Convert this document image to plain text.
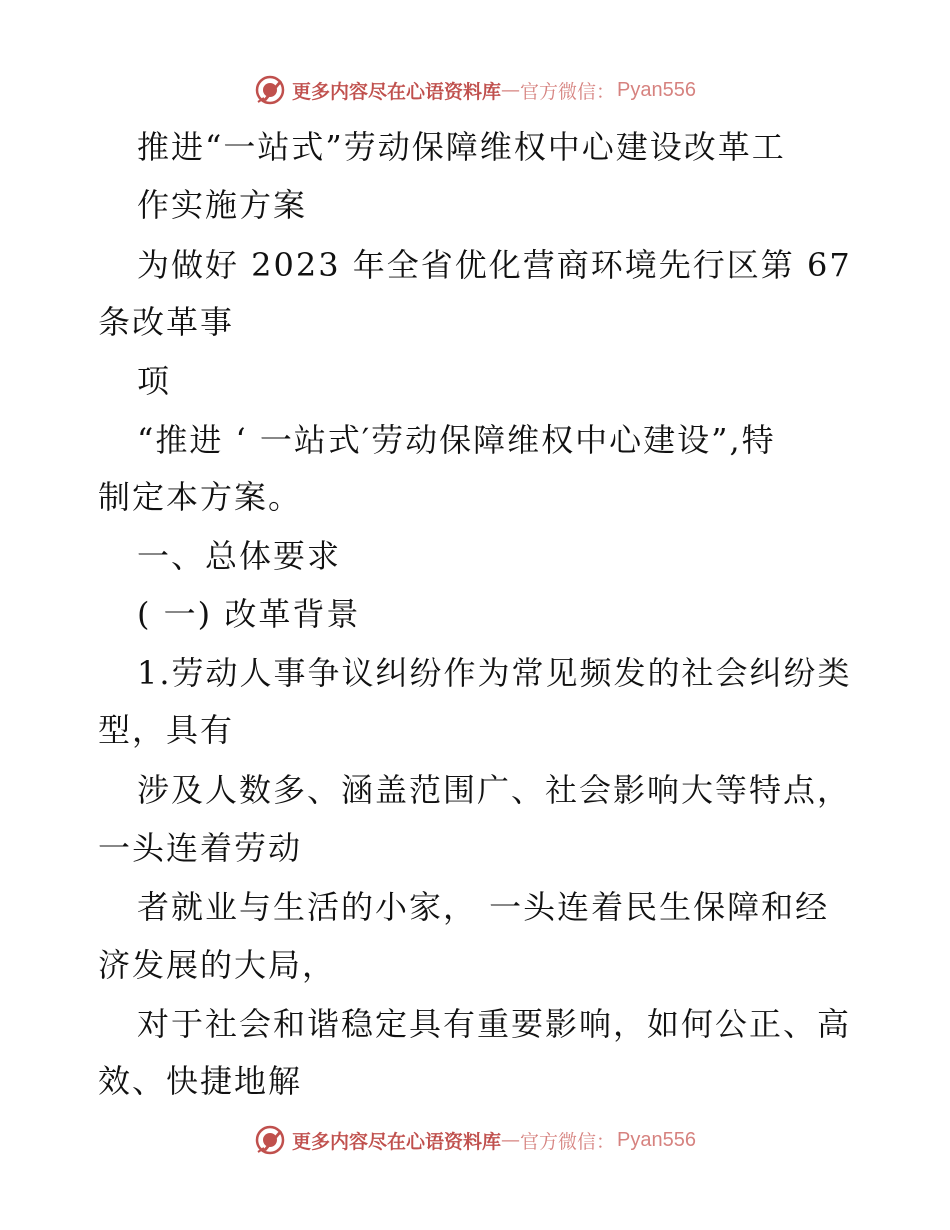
更多内容尽在心语资料库 — 官方微信： Pyan556
推进“一站式”劳动保障维权中心建设改革工
作实施方案
为做好 2023 年全省优化营商环境先行区第 67
条改革事
项
“推进 ‘ 一站式′劳动保障维权中心建设”,特
制定本方案。
一、总体要求
( 一) 改革背景
1.劳动人事争议纠纷作为常见频发的社会纠纷类
型，具有
涉及人数多、涵盖范围广、社会影响大等特点，
一头连着劳动
者就业与生活的小家， 一头连着民生保障和经
济发展的大局，
对于社会和谐稳定具有重要影响，如何公正、高
效、快捷地解
更多内容尽在心语资料库 — 官方微信： Pyan556
